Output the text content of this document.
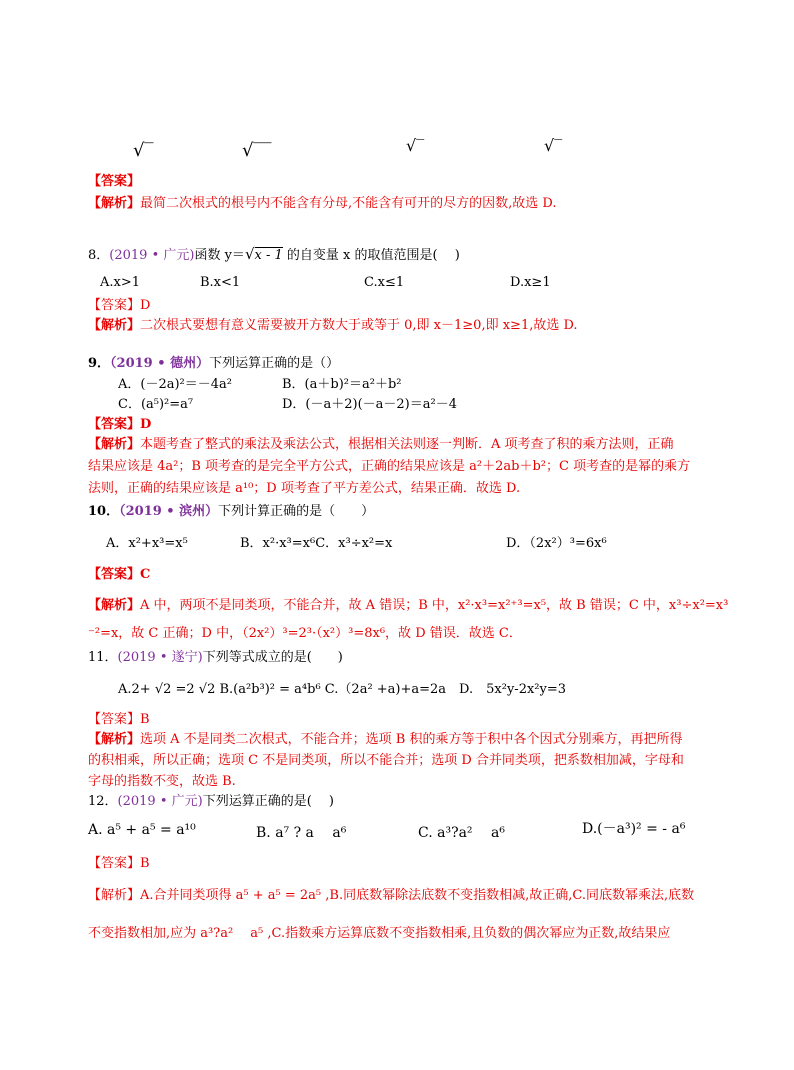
√‾	√‾‾	√‾	√‾
【答案】
【解析】最简二次根式的根号内不能含有分母,不能含有可开的尽方的因数,故选 D.
8．(2019 • 广元)函数 y＝√x - 1 的自变量 x 的取值范围是(　 )
A.x>1	B.x<1	C.x≤1	D.x≥1
【答案】D
【解析】二次根式要想有意义需要被开方数大于或等于 0,即 x－1≥0,即 x≥1,故选 D.
9．（2019 • 德州）下列运算正确的是（）
A．(－2a)²＝－4a²	B．(a＋b)²＝a²＋b²
C．(a⁵)²=a⁷	D．(－a＋2)(－a－2)＝a²－4
【答案】D
【解析】本题考查了整式的乘法及乘法公式，根据相关法则逐一判断．A 项考查了积的乘方法则，正确
结果应该是 4a²；B 项考查的是完全平方公式，正确的结果应该是 a²＋2ab＋b²；C 项考查的是幂的乘方
法则，正确的结果应该是 a¹⁰；D 项考查了平方差公式，结果正确．故选 D.
10．（2019 • 滨州）下列计算正确的是（　　）
A．x²+x³=x⁵	B．x²·x³=x⁶C．x³÷x²=x	D．（2x²）³=6x⁶
【答案】C
【解析】A 中，两项不是同类项，不能合并，故 A 错误；B 中，x²·x³=x²⁺³=x⁵，故 B 错误；C 中，x³÷x²=x³
⁻²=x，故 C 正确；D 中，（2x²）³=2³·（x²）³=8x⁶，故 D 错误．故选 C．
11．(2019 • 遂宁)下列等式成立的是(　　)
A.2+ √2 =2 √2 B.(a²b³)² = a⁴b⁶ C.（2a² +a)+a=2a　D.　5x²y-2x²y=3
【答案】B
【解析】选项 A 不是同类二次根式，不能合并；选项 B 积的乘方等于积中各个因式分别乘方，再把所得
的积相乘，所以正确；选项 C 不是同类项，所以不能合并；选项 D 合并同类项，把系数相加减，字母和
字母的指数不变，故选 B.
12．(2019 • 广元)下列运算正确的是(　 )
A. a⁵ + a⁵ = a¹⁰	B. a⁷ ? a　 a⁶	C. a³?a²　 a⁶	D.(－a³)² = - a⁶
【答案】B
【解析】A.合并同类项得 a⁵ + a⁵ = 2a⁵ ,B.同底数幂除法底数不变指数相减,故正确,C.同底数幂乘法,底数
不变指数相加,应为 a³?a²　 a⁵ ,C.指数乘方运算底数不变指数相乘,且负数的偶次幂应为正数,故结果应
